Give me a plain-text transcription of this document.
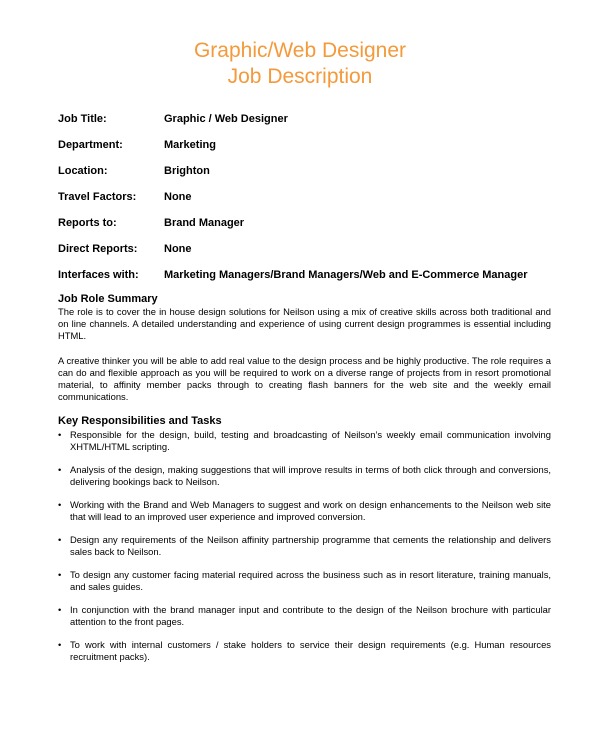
Graphic/Web Designer
Job Description
Job Title:	Graphic / Web Designer
Department:	Marketing
Location:	Brighton
Travel Factors:	None
Reports to:	Brand Manager
Direct Reports: None
Interfaces with: Marketing Managers/Brand Managers/Web and E-Commerce Manager
Job Role Summary
The role is to cover the in house design solutions for Neilson using a mix of creative skills across both traditional and on line channels. A detailed understanding and experience of using current design programmes is essential including HTML.
A creative thinker you will be able to add real value to the design process and be highly productive. The role requires a can do and flexible approach as you will be required to work on a diverse range of projects from in resort promotional material, to affinity member packs through to creating flash banners for the web site and the weekly email communications.
Key Responsibilities and Tasks
• Responsible for the design, build, testing and broadcasting of Neilson’s weekly email communication involving XHTML/HTML scripting.
• Analysis of the design, making suggestions that will improve results in terms of both click through and conversions, delivering bookings back to Neilson.
• Working with the Brand and Web Managers to suggest and work on design enhancements to the Neilson web site that will lead to an improved user experience and improved conversion.
• Design any requirements of the Neilson affinity partnership programme that cements the relationship and delivers sales back to Neilson.
• To design any customer facing material required across the business such as in resort literature, training manuals, and sales guides.
• In conjunction with the brand manager input and contribute to the design of the Neilson brochure with particular attention to the front pages.
• To work with internal customers / stake holders to service their design requirements (e.g. Human resources recruitment packs).
